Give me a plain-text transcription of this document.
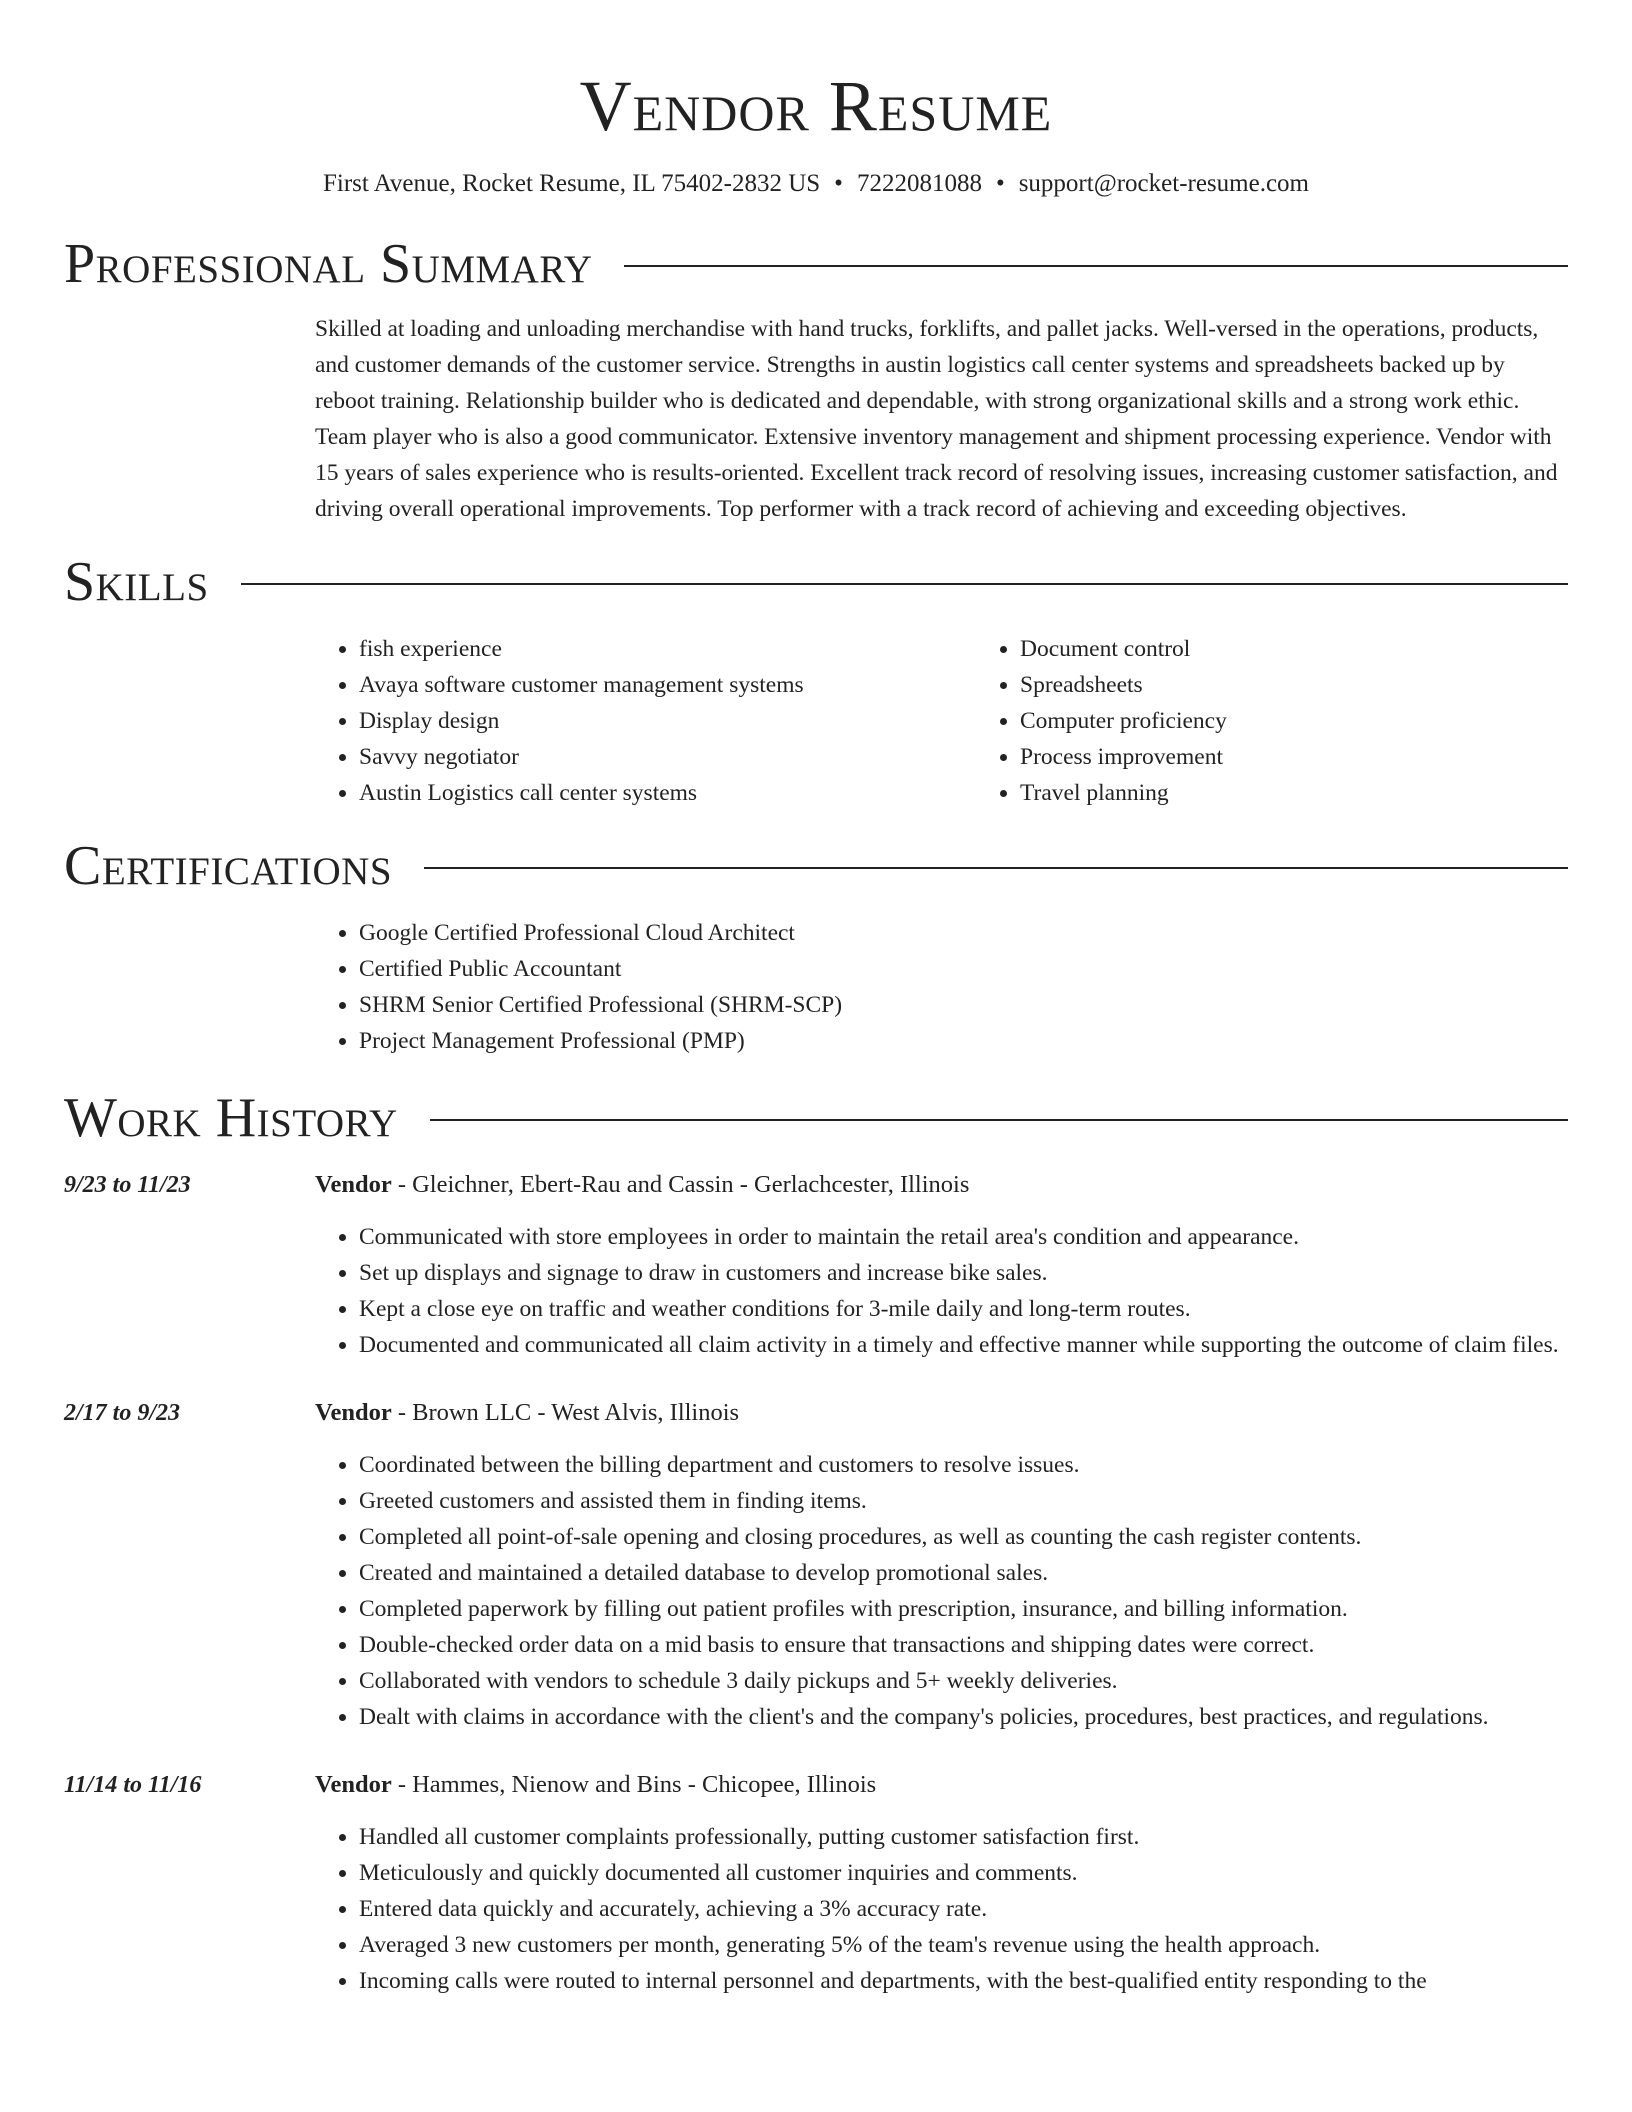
Vendor Resume
First Avenue, Rocket Resume, IL 75402-2832 US • 7222081088 • support@rocket-resume.com
Professional Summary

Skilled at loading and unloading merchandise with hand trucks, forklifts, and pallet jacks. Well-versed in the operations, products, and customer demands of the customer service. Strengths in austin logistics call center systems and spreadsheets backed up by reboot training. Relationship builder who is dedicated and dependable, with strong organizational skills and a strong work ethic. Team player who is also a good communicator. Extensive inventory management and shipment processing experience. Vendor with 15 years of sales experience who is results-oriented. Excellent track record of resolving issues, increasing customer satisfaction, and driving overall operational improvements. Top performer with a track record of achieving and exceeding objectives.

Skills
• fish experience
• Avaya software customer management systems
• Display design
• Savvy negotiator
• Austin Logistics call center systems
• Document control
• Spreadsheets
• Computer proficiency
• Process improvement
• Travel planning
Certifications
• Google Certified Professional Cloud Architect
• Certified Public Accountant
• SHRM Senior Certified Professional (SHRM-SCP)
• Project Management Professional (PMP)
Work History
9/23 to 11/23	Vendor - Gleichner, Ebert-Rau and Cassin - Gerlachcester, Illinois
• Communicated with store employees in order to maintain the retail area's condition and appearance.
• Set up displays and signage to draw in customers and increase bike sales.
• Kept a close eye on traffic and weather conditions for 3-mile daily and long-term routes.
• Documented and communicated all claim activity in a timely and effective manner while supporting the outcome of claim files.
2/17 to 9/23	Vendor - Brown LLC - West Alvis, Illinois
• Coordinated between the billing department and customers to resolve issues.
• Greeted customers and assisted them in finding items.
• Completed all point-of-sale opening and closing procedures, as well as counting the cash register contents.
• Created and maintained a detailed database to develop promotional sales.
• Completed paperwork by filling out patient profiles with prescription, insurance, and billing information.
• Double-checked order data on a mid basis to ensure that transactions and shipping dates were correct.
• Collaborated with vendors to schedule 3 daily pickups and 5+ weekly deliveries.
• Dealt with claims in accordance with the client's and the company's policies, procedures, best practices, and regulations.
11/14 to 11/16	Vendor - Hammes, Nienow and Bins - Chicopee, Illinois
• Handled all customer complaints professionally, putting customer satisfaction first.
• Meticulously and quickly documented all customer inquiries and comments.
• Entered data quickly and accurately, achieving a 3% accuracy rate.
• Averaged 3 new customers per month, generating 5% of the team's revenue using the health approach.
• Incoming calls were routed to internal personnel and departments, with the best-qualified entity responding to the
